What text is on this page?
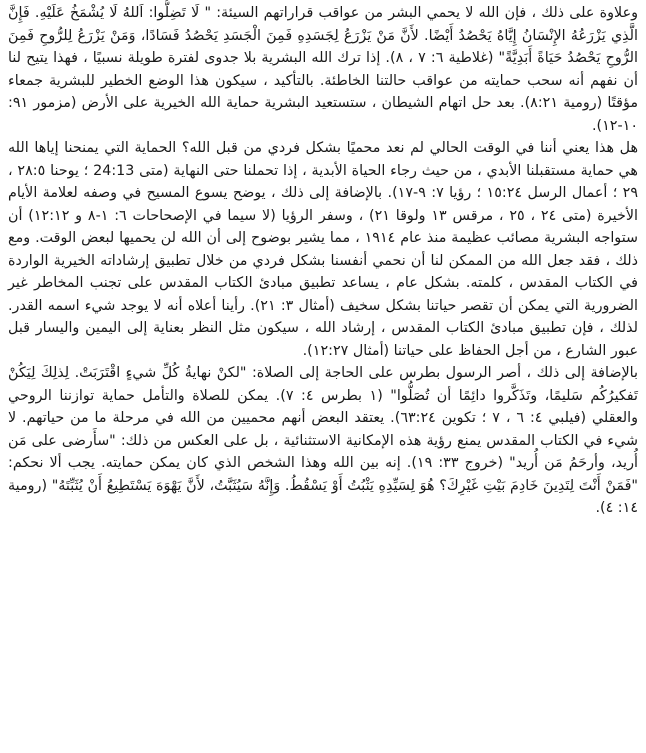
وعلاوة على ذلك ، فإن الله لا يحمي البشر من عواقب قراراتهم السيئة: " لَا تَضِلُّوا: اَللهُ لَا يُشْمَخُ عَلَيْهِ. فَإِنَّ الَّذِي يَزْرَعُهُ الإِنْسَانُ إِيَّاهُ يَحْصُدُ أَيْضًا. لأَنَّ مَنْ يَزْرَعُ لِجَسَدِهِ فَمِنَ الْجَسَدِ يَحْصُدُ فَسَادًا، وَمَنْ يَزْرَعُ لِلرُّوحِ فَمِنَ الرُّوحِ يَحْصُدُ حَيَاةً أَبَدِيَّةً" (غلاطية ٦: ٧ ، ٨). إذا ترك الله البشرية بلا جدوى لفترة طويلة نسبيًا ، فهذا يتيح لنا أن نفهم أنه سحب حمايته من عواقب حالتنا الخاطئة. بالتأكيد ، سيكون هذا الوضع الخطير للبشرية جمعاء مؤقتًا (رومية ٨:٢١). بعد حل اتهام الشيطان ، ستستعيد البشرية حماية الله الخيرية على الأرض (مزمور ٩١: ١٠-١٢).

هل هذا يعني أننا في الوقت الحالي لم نعد محميًا بشكل فردي من قبل الله؟ الحماية التي يمنحنا إياها الله هي حماية مستقبلنا الأبدي ، من حيث رجاء الحياة الأبدية ، إذا تحملنا حتى النهاية (متى 24:13 ؛ يوحنا ٢٨:٥ ، ٢٩ ؛ أعمال الرسل ١٥:٢٤ ؛ رؤيا ٧: ٩-١٧). بالإضافة إلى ذلك ، يوضح يسوع المسيح في وصفه لعلامة الأيام الأخيرة (متى ٢٤ ، ٢٥ ، مرقس ١٣ ولوقا ٢١) ، وسفر الرؤيا (لا سيما في الإصحاحات ٦: ١-٨ و ١٢:١٢) أن ستواجه البشرية مصائب عظيمة منذ عام ١٩١٤ ، مما يشير بوضوح إلى أن الله لن يحميها لبعض الوقت. ومع ذلك ، فقد جعل الله من الممكن لنا أن نحمي أنفسنا بشكل فردي من خلال تطبيق إرشاداته الخيرية الواردة في الكتاب المقدس ، كلمته. بشكل عام ، يساعد تطبيق مبادئ الكتاب المقدس على تجنب المخاطر غير الضرورية التي يمكن أن تقصر حياتنا بشكل سخيف (أمثال ٣: ٢١). رأينا أعلاه أنه لا يوجد شيء اسمه القدر. لذلك ، فإن تطبيق مبادئ الكتاب المقدس ، إرشاد الله ، سيكون مثل النظر بعناية إلى اليمين واليسار قبل عبور الشارع ، من أجل الحفاظ على حياتنا (أمثال ١٢:٢٧).

بالإضافة إلى ذلك ، أصر الرسول بطرس على الحاجة إلى الصلاة: "لكنْ نهايةُ كُلِّ شيءٍ اقْتَرَبَتْ. لِذلِكَ لِيَكُنْ تَفكيرُكُم سَليمًا، وتَذَكَّروا دائِمًا أن تُصَلُّوا" (١ بطرس ٤: ٧). يمكن للصلاة والتأمل حماية توازننا الروحي والعقلي (فيلبي ٤: ٦ ، ٧ ؛ تكوين ٦٣:٢٤). يعتقد البعض أنهم محميين من الله في مرحلة ما من حياتهم. لا شيء في الكتاب المقدس يمنع رؤية هذه الإمكانية الاستثنائية ، بل على العكس من ذلك: "سأَرضى على مَن أُريد، وأرحَمُ مَن أُريد" (خروج ٣٣: ١٩). إنه بين الله وهذا الشخص الذي كان يمكن حمايته. يجب ألا نحكم: "فَمَنْ أَنْتَ لِتَدِينَ خَادِمَ بَيْتِ غَيْرِكَ؟ هُوَ لِسَيِّدِهِ يَثْبُتُ أَوْ يَسْقُطُ. وَإِنَّهُ سَيُثَبَّتُ، لأَنَّ يَهْوَهَ يَسْتَطِيعُ أَنْ يُثَبِّتَهُ" (رومية ١٤: ٤).
